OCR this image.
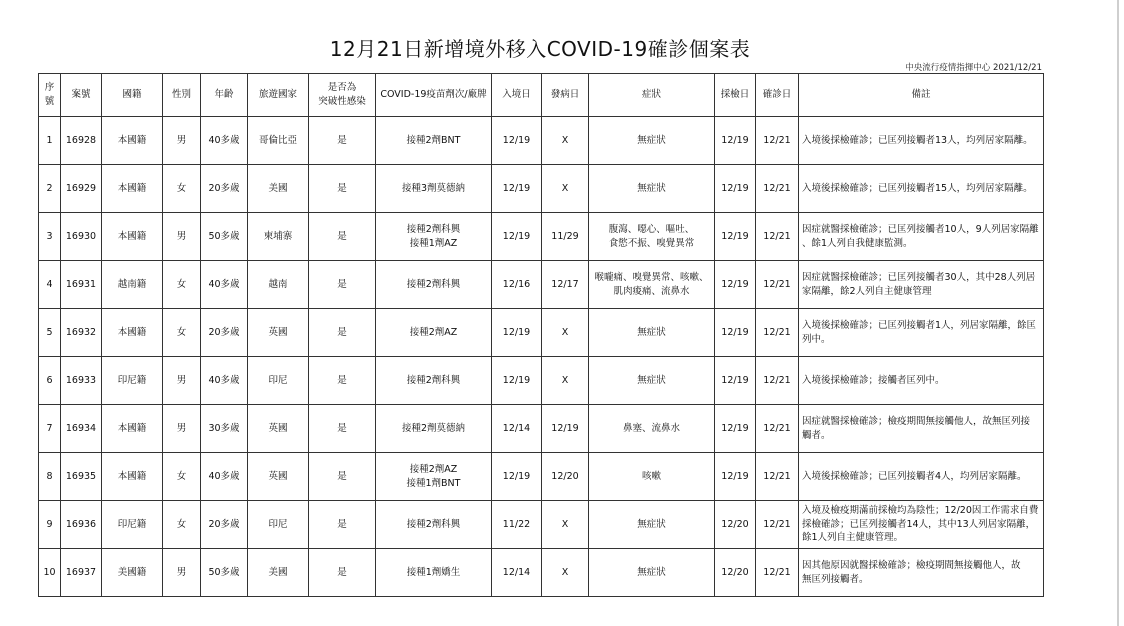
12月21日新增境外移入COVID-19確診個案表
中央流行疫情指揮中心 2021/12/21
序號	案號	國籍	性別	年齡	旅遊國家	是否為
突破性感染	COVID-19疫苗劑次/廠牌	入境日	發病日	症狀	採檢日	確診日	備註
1	16928	本國籍	男	40多歲	哥倫比亞	是	接種2劑BNT	12/19	X	無症狀	12/19	12/21	入境後採檢確診；已匡列接觸者13人，均列居家隔離。
2	16929	本國籍	女	20多歲	美國	是	接種3劑莫德納	12/19	X	無症狀	12/19	12/21	入境後採檢確診；已匡列接觸者15人，均列居家隔離。
3	16930	本國籍	男	50多歲	柬埔寨	是	接種2劑科興
接種1劑AZ	12/19	11/29	腹瀉、噁心、嘔吐、
食慾不振、嗅覺異常	12/19	12/21	因症就醫採檢確診；已匡列接觸者10人，9人列居家隔離
、餘1人列自我健康監測。
4	16931	越南籍	女	40多歲	越南	是	接種2劑科興	12/16	12/17	喉嚨痛、嗅覺異常、咳嗽、
肌肉痠痛、流鼻水	12/19	12/21	因症就醫採檢確診；已匡列接觸者30人，其中28人列居
家隔離，餘2人列自主健康管理
5	16932	本國籍	女	20多歲	英國	是	接種2劑AZ	12/19	X	無症狀	12/19	12/21	入境後採檢確診；已匡列接觸者1人，列居家隔離，餘匡
列中。
6	16933	印尼籍	男	40多歲	印尼	是	接種2劑科興	12/19	X	無症狀	12/19	12/21	入境後採檢確診；接觸者匡列中。
7	16934	本國籍	男	30多歲	英國	是	接種2劑莫德納	12/14	12/19	鼻塞、流鼻水	12/19	12/21	因症就醫採檢確診；檢疫期間無接觸他人，故無匡列接
觸者。
8	16935	本國籍	女	40多歲	英國	是	接種2劑AZ
接種1劑BNT	12/19	12/20	咳嗽	12/19	12/21	入境後採檢確診；已匡列接觸者4人，均列居家隔離。
9	16936	印尼籍	女	20多歲	印尼	是	接種2劑科興	11/22	X	無症狀	12/20	12/21	入境及檢疫期滿前採檢均為陰性；12/20因工作需求自費
採檢確診；已匡列接觸者14人，其中13人列居家隔離，
餘1人列自主健康管理。
10	16937	美國籍	男	50多歲	美國	是	接種1劑嬌生	12/14	X	無症狀	12/20	12/21	因其他原因就醫採檢確診；檢疫期間無接觸他人，故
無匡列接觸者。
